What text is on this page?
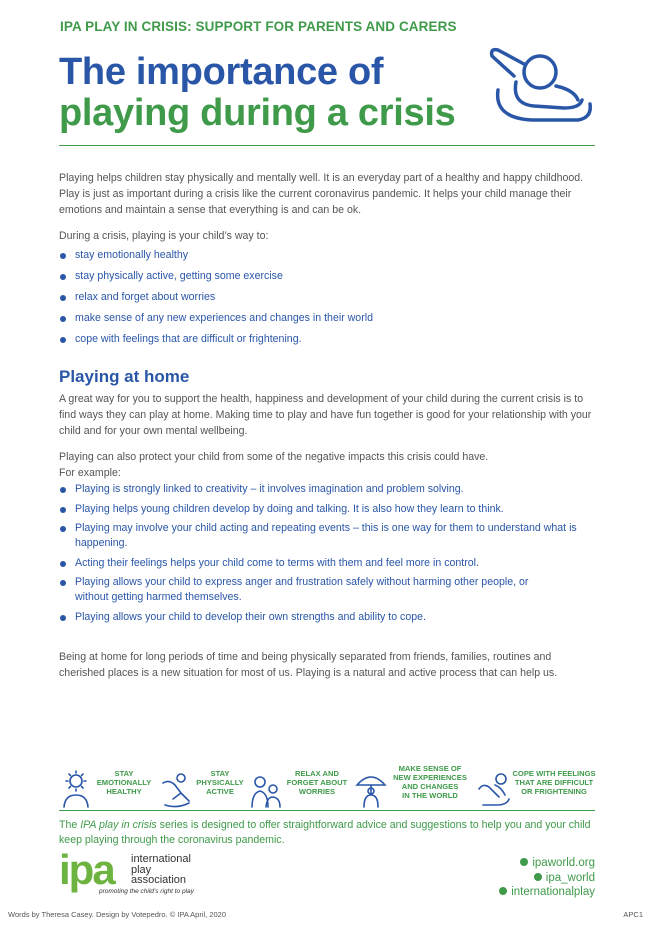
IPA PLAY IN CRISIS: SUPPORT FOR PARENTS AND CARERS
The importance of
playing during a crisis

Playing helps children stay physically and mentally well. It is an everyday part of a healthy and happy childhood. Play is just as important during a crisis like the current coronavirus pandemic. It helps your child manage their emotions and maintain a sense that everything is and can be ok.

During a crisis, playing is your child’s way to:

stay emotionally healthy
stay physically active, getting some exercise
relax and forget about worries
make sense of any new experiences and changes in their world
cope with feelings that are difficult or frightening.
Playing at home

A great way for you to support the health, happiness and development of your child during the current crisis is to find ways they can play at home. Making time to play and have fun together is good for your relationship with your child and for your own mental wellbeing.

Playing can also protect your child from some of the negative impacts this crisis could have.
For example:

Playing is strongly linked to creativity – it involves imagination and problem solving.
Playing helps young children develop by doing and talking. It is also how they learn to think.
Playing may involve your child acting and repeating events – this is one way for them to understand what is happening.
Acting their feelings helps your child come to terms with them and feel more in control.
Playing allows your child to express anger and frustration safely without harming other people, or without getting harmed themselves.
Playing allows your child to develop their own strengths and ability to cope.

Being at home for long periods of time and being physically separated from friends, families, routines and cherished places is a new situation for most of us. Playing is a natural and active process that can help us.

STAY
EMOTIONALLY
HEALTHY
STAY
PHYSICALLY
ACTIVE
RELAX AND
FORGET ABOUT
WORRIES
MAKE SENSE OF
NEW EXPERIENCES
AND CHANGES
IN THE WORLD
COPE WITH FEELINGS
THAT ARE DIFFICULT
OR FRIGHTENING

The IPA play in crisis series is designed to offer straightforward advice and suggestions to help you and your child keep playing through the coronavirus pandemic.

ipa international
play
association
promoting the child’s right to play
ipaworld.org
ipa_world
internationalplay
Words by Theresa Casey. Design by Votepedro. © IPA April, 2020	APC1
